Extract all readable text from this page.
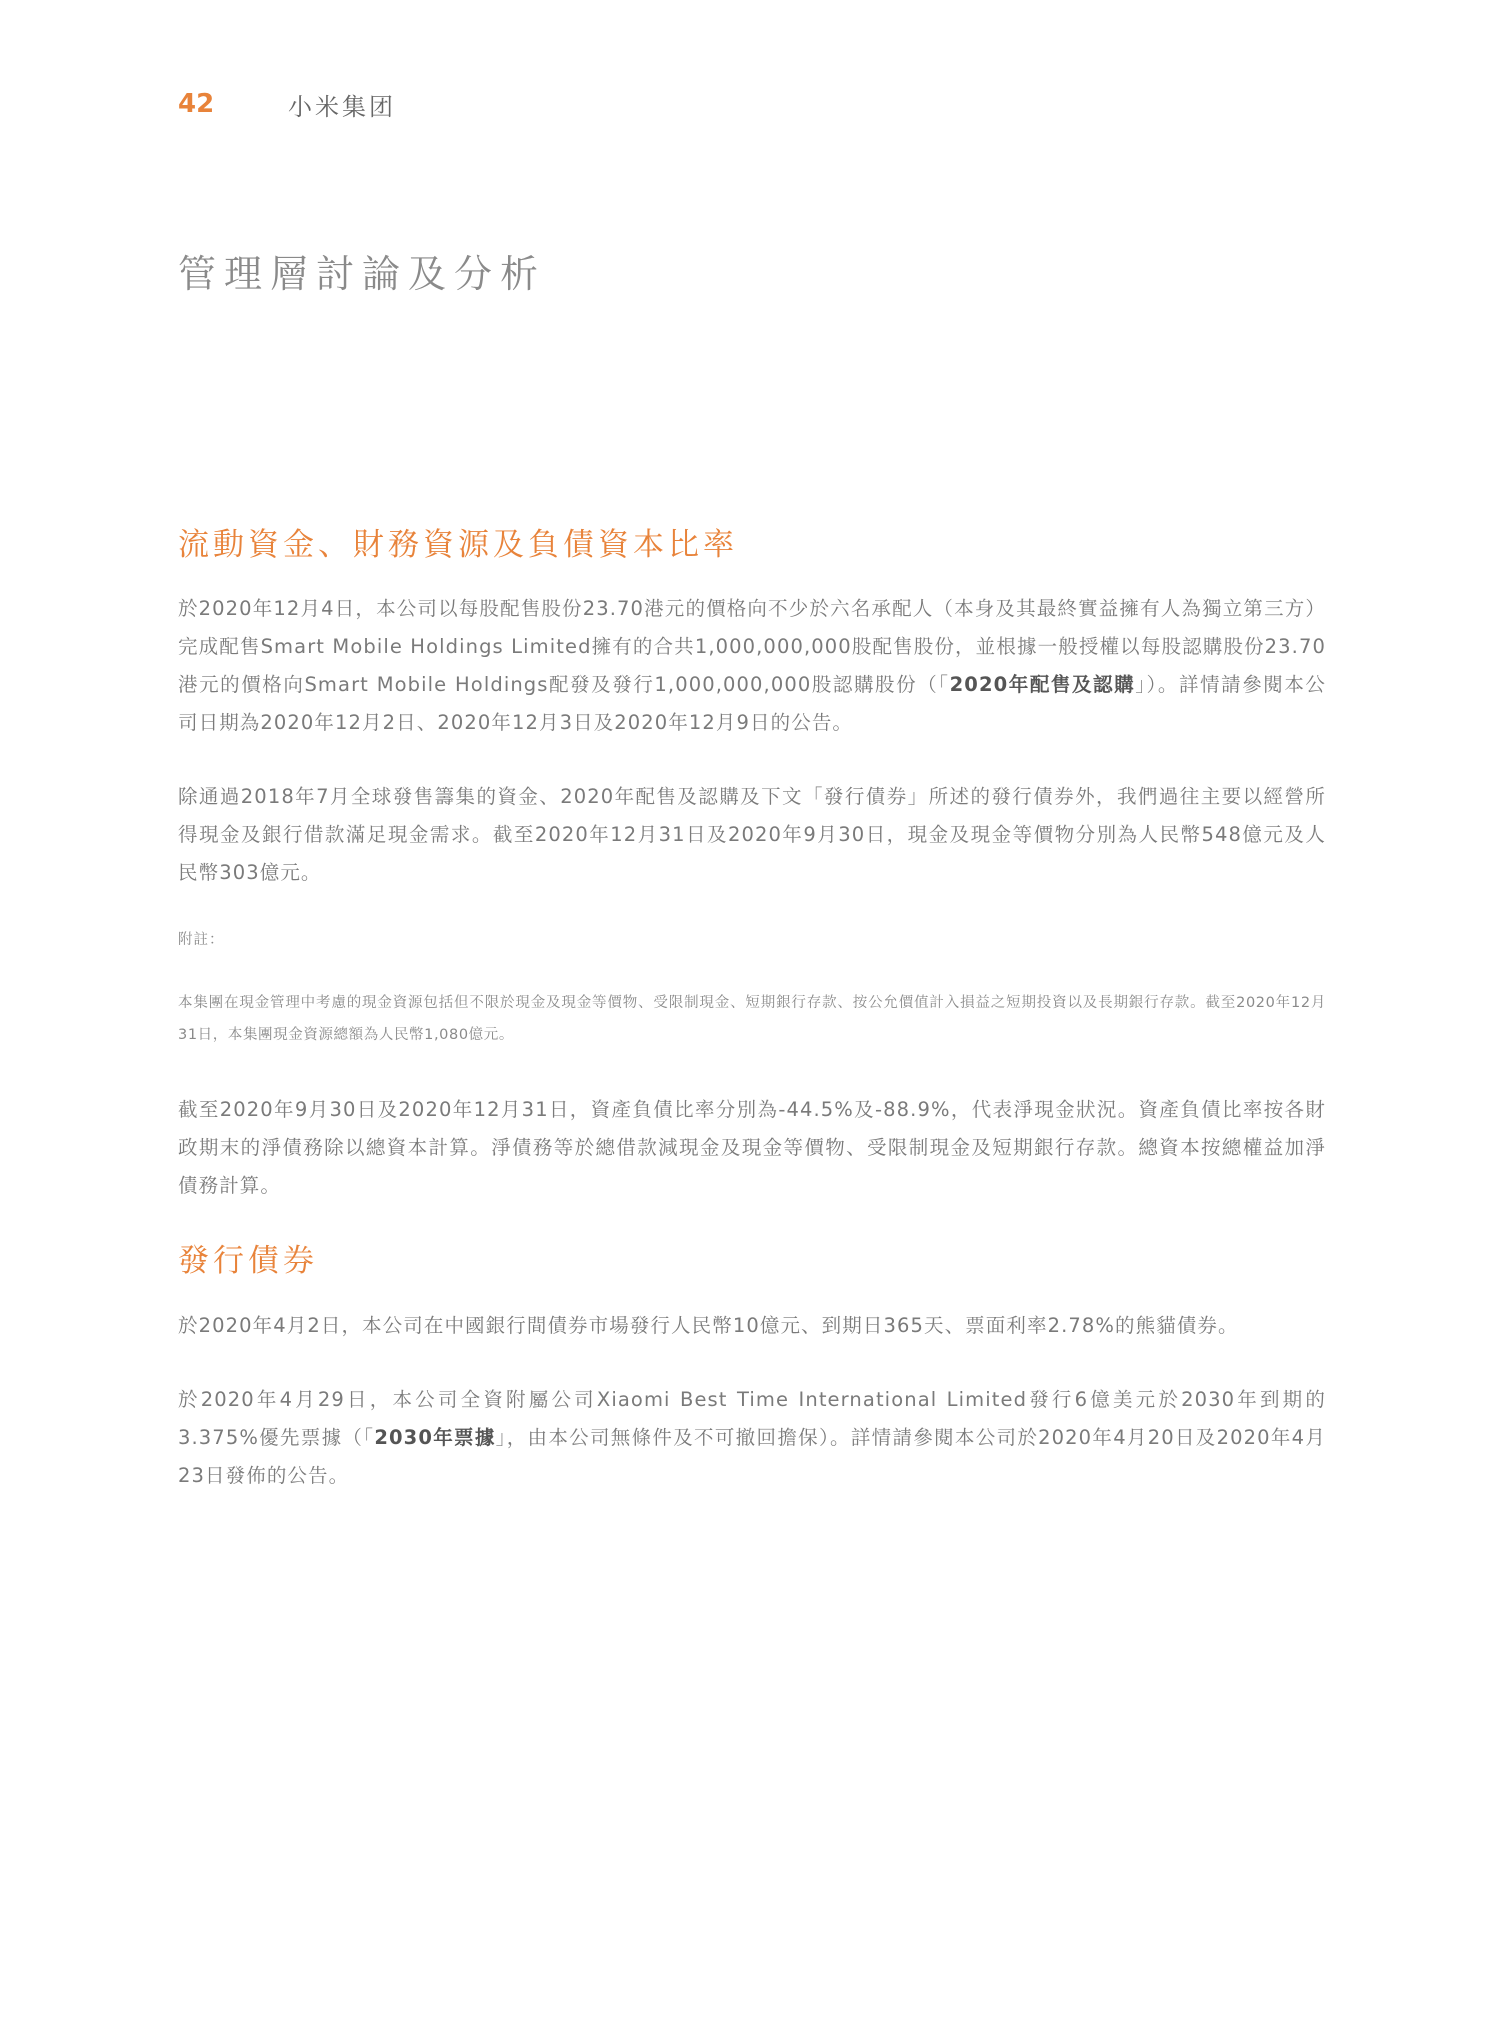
42	小米集团
管理層討論及分析
流動資金、財務資源及負債資本比率

於2020年12月4日，本公司以每股配售股份23.70港元的價格向不少於六名承配人（本身及其最終實益擁有人為獨立第三方）完成配售Smart Mobile Holdings Limited擁有的合共1,000,000,000股配售股份，並根據一般授權以每股認購股份23.70港元的價格向Smart Mobile Holdings配發及發行1,000,000,000股認購股份（「2020年配售及認購」）。詳情請參閱本公司日期為2020年12月2日、2020年12月3日及2020年12月9日的公告。

除通過2018年7月全球發售籌集的資金、2020年配售及認購及下文「發行債券」所述的發行債券外，我們過往主要以經營所得現金及銀行借款滿足現金需求。截至2020年12月31日及2020年9月30日，現金及現金等價物分別為人民幣548億元及人民幣303億元。

附註：

本集團在現金管理中考慮的現金資源包括但不限於現金及現金等價物、受限制現金、短期銀行存款、按公允價值計入損益之短期投資以及長期銀行存款。截至2020年12月31日，本集團現金資源總額為人民幣1,080億元。

截至2020年9月30日及2020年12月31日，資產負債比率分別為-44.5%及-88.9%，代表淨現金狀況。資產負債比率按各財政期末的淨債務除以總資本計算。淨債務等於總借款減現金及現金等價物、受限制現金及短期銀行存款。總資本按總權益加淨債務計算。

發行債券

於2020年4月2日，本公司在中國銀行間債券市場發行人民幣10億元、到期日365天、票面利率2.78%的熊貓債券。

於2020年4月29日，本公司全資附屬公司Xiaomi Best Time International Limited發行6億美元於2030年到期的3.375%優先票據（「2030年票據」，由本公司無條件及不可撤回擔保）。詳情請參閱本公司於2020年4月20日及2020年4月23日發佈的公告。
